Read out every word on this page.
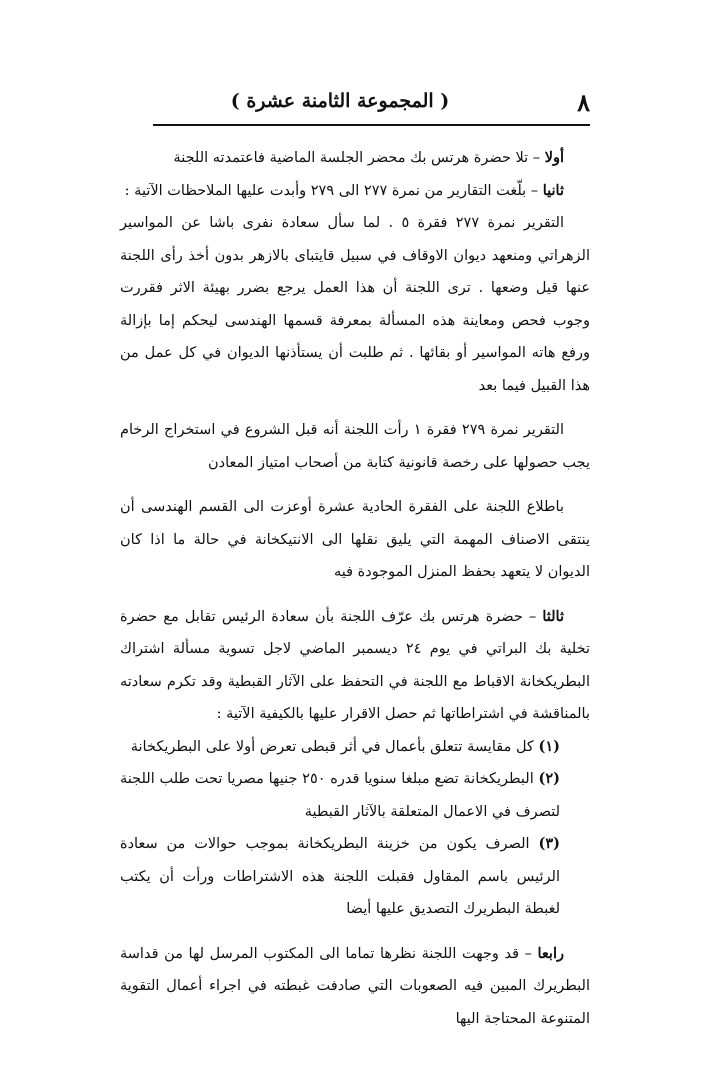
٨
( المجموعة الثامنة عشرة )

أولا – تلا حضرة هرتس بك محضر الجلسة الماضية فاعتمدته اللجنة

ثانيا – بلّغت التقارير من نمرة ٢٧٧ الى ٢٧٩ وأبدت عليها الملاحظات الآتية :

التقرير نمرة ٢٧٧ فقرة ٥ . لما سأل سعادة نفرى باشا عن المواسير الزهراتي ومنعهد ديوان الاوقاف في سبيل قايتباى بالازهر بدون أخذ رأى اللجنة عنها قيل وضعها . ترى اللجنة أن هذا العمل يرجع بضرر بهيئة الاثر فقررت وجوب فحص ومعاينة هذه المسألة بمعرفة قسمها الهندسى ليحكم إما بإزالة ورفع هاته المواسير أو بقائها . ثم طلبت أن يستأذنها الديوان في كل عمل من هذا القبيل فيما بعد

التقرير نمرة ٢٧٩ فقرة ١ رأت اللجنة أنه قبل الشروع في استخراج الرخام يجب حصولها على رخصة قانونية كتابة من أصحاب امتياز المعادن

باطلاع اللجنة على الفقرة الحادية عشرة أوعزت الى القسم الهندسى أن ينتقى الاصناف المهمة التي يليق نقلها الى الانتيكخانة في حالة ما اذا كان الديوان لا يتعهد بحفظ المنزل الموجودة فيه

ثالثا – حضرة هرتس بك عرّف اللجنة بأن سعادة الرئيس تقابل مع حضرة تخلية بك البراتي في يوم ٢٤ ديسمبر الماضي لاجل تسوية مسألة اشتراك البطريكخانة الاقباط مع اللجنة في التحفظ على الآثار القبطية وقد تكرم سعادته بالمناقشة في اشتراطاتها ثم حصل الاقرار عليها بالكيفية الآتية :

(١) كل مقايسة تتعلق بأعمال في أثر قبطى تعرض أولا على البطريكخانة

(٢) البطريكخانة تضع مبلغا سنويا قدره ٢٥٠ جنيها مصريا تحت طلب اللجنة لتصرف في الاعمال المتعلقة بالآثار القبطية

(٣) الصرف يكون من خزينة البطريكخانة بموجب حوالات من سعادة الرئيس باسم المقاول فقبلت اللجنة هذه الاشتراطات ورأت أن يكتب لغبطة البطريرك التصديق عليها أيضا

رابعا – قد وجهت اللجنة نظرها تماما الى المكتوب المرسل لها من قداسة البطريرك المبين فيه الصعوبات التي صادفت غبطته في اجراء أعمال التقوية المتنوعة المحتاجة اليها
